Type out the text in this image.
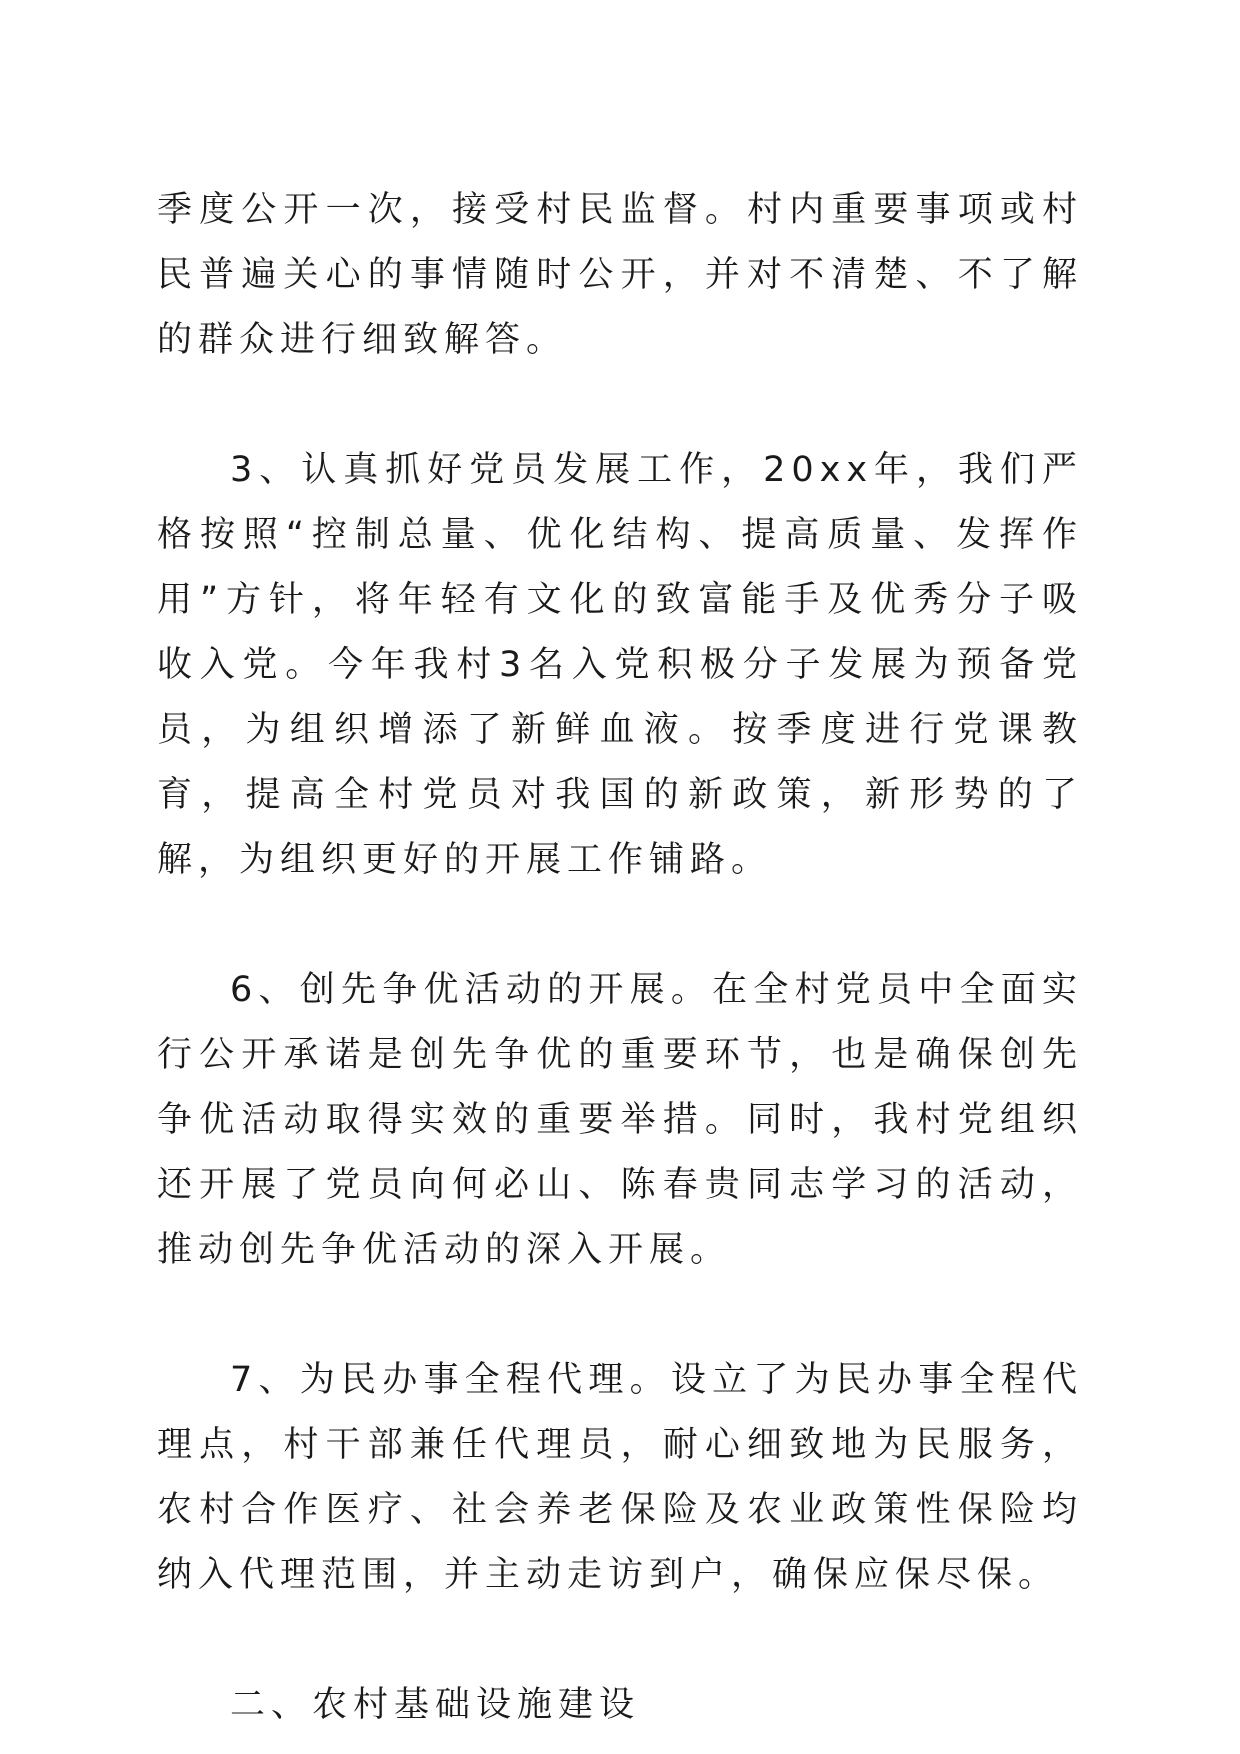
季度公开一次，接受村民监督。村内重要事项或村民普遍关心的事情随时公开，并对不清楚、不了解的群众进行细致解答。

3、认真抓好党员发展工作，20xx年，我们严格按照“控制总量、优化结构、提高质量、发挥作用”方针，将年轻有文化的致富能手及优秀分子吸收入党。今年我村3名入党积极分子发展为预备党员，为组织增添了新鲜血液。按季度进行党课教育，提高全村党员对我国的新政策，新形势的了解，为组织更好的开展工作铺路。

6、创先争优活动的开展。在全村党员中全面实行公开承诺是创先争优的重要环节，也是确保创先争优活动取得实效的重要举措。同时，我村党组织还开展了党员向何必山、陈春贵同志学习的活动，推动创先争优活动的深入开展。

7、为民办事全程代理。设立了为民办事全程代理点，村干部兼任代理员，耐心细致地为民服务，农村合作医疗、社会养老保险及农业政策性保险均纳入代理范围，并主动走访到户，确保应保尽保。

二、农村基础设施建设
